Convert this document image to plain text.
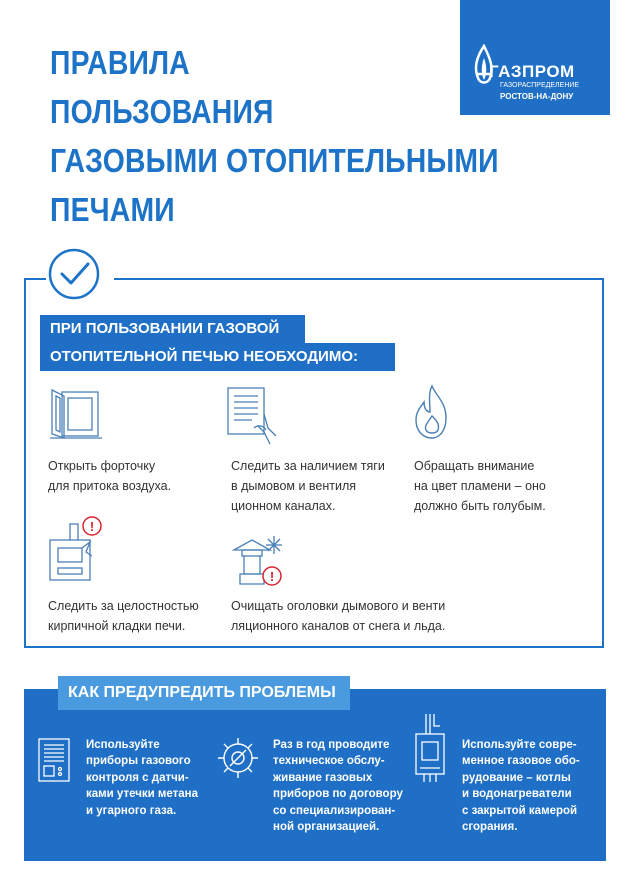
ПРАВИЛА
ПОЛЬЗОВАНИЯ
ГАЗОВЫМИ ОТОПИТЕЛЬНЫМИ
ПЕЧАМИ
ГАЗПРОМ
ГАЗОРАСПРЕДЕЛЕНИЕ
РОСТОВ-НА-ДОНУ
ПРИ ПОЛЬЗОВАНИИ ГАЗОВОЙ
ОТОПИТЕЛЬНОЙ ПЕЧЬЮ НЕОБХОДИМО:
Открыть форточку
для притока воздуха.
Следить за наличием тяги
в дымовом и вентиля
ционном каналах.
Обращать внимание
на цвет пламени – оно
должно быть голубым.
!
Следить за целостностью
кирпичной кладки печи.
!
Очищать оголовки дымового и венти
ляционного каналов от снега и льда.
КАК ПРЕДУПРЕДИТЬ ПРОБЛЕМЫ
Используйте
приборы газового
контроля с датчи-
ками утечки метана
и угарного газа.
Раз в год проводите
техническое обслу-
живание газовых
приборов по договору
со специализирован-
ной организацией.
Используйте совре-
менное газовое обо-
рудование – котлы
и водонагреватели
с закрытой камерой
сгорания.
